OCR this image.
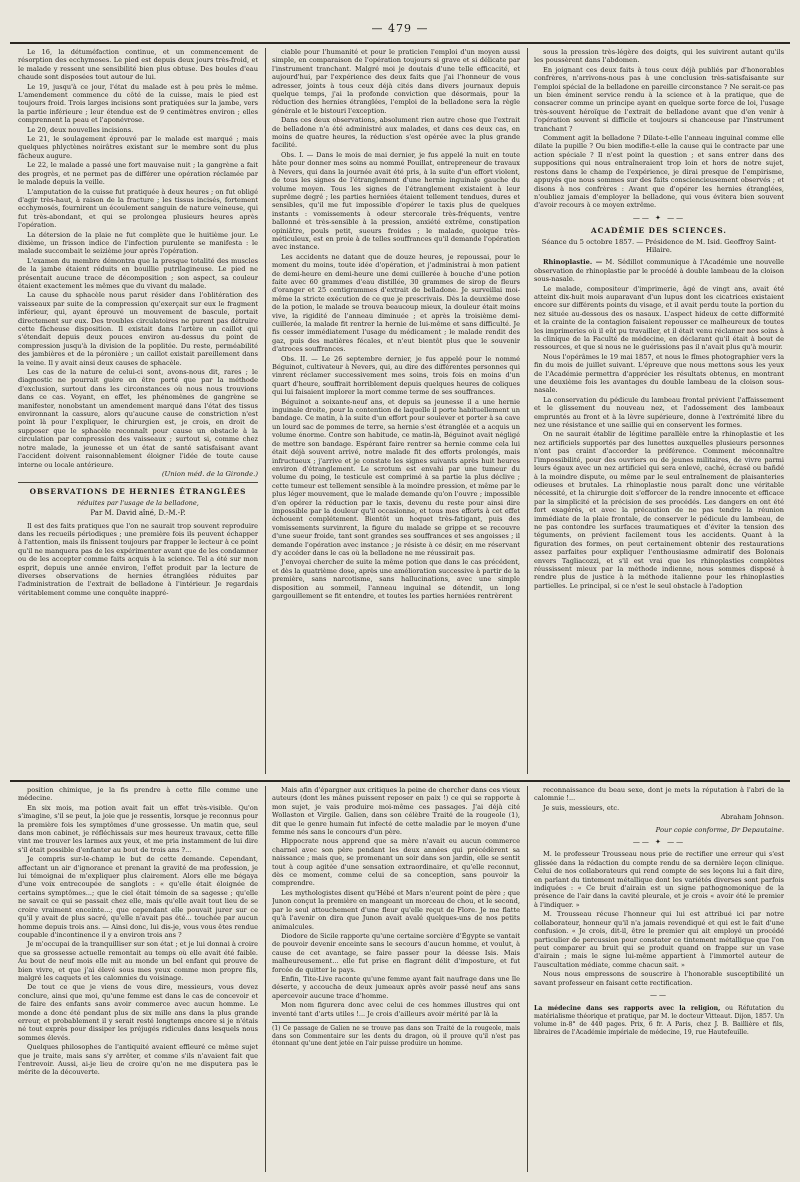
— 479 —

Le 16, la détuméfaction continue, et un commencement de résorption des ecchymoses. Le pied est depuis deux jours très-froid, et le malade y ressent une sensibilité bien plus obtuse. Des boules d'eau chaude sont disposées tout autour de lui.

Le 19, jusqu'à ce jour, l'état du malade est à peu près le même. L'amendement commence du côté de la cuisse, mais le pied est toujours froid. Trois larges incisions sont pratiquées sur la jambe, vers la partie inférieure ; leur étendue est de 9 centimètres environ ; elles comprennent la peau et l'aponévrose.

Le 20, deux nouvelles incisions.

Le 21, le soulagement éprouvé par le malade est marqué ; mais quelques phlyctènes noirâtres existant sur le membre sont du plus fâcheux augure.

Le 22, le malade a passé une fort mauvaise nuit ; la gangrène a fait des progrès, et ne permet pas de différer une opération réclamée par le malade depuis la veille.

L'amputation de la cuisse fut pratiquée à deux heures ; on fut obligé d'agir très-haut, à raison de la fracture ; les tissus incisés, fortement ecchymosés, fournirent un écoulement sanguin de nature veineuse, qui fut très-abondant, et qui se prolongea plusieurs heures après l'opération.

La détersion de la plaie ne fut complète que le huitième jour. Le dixième, un frisson indice de l'infection purulente se manifesta : le malade succombait le seizième jour après l'opération.

L'examen du membre démontra que la presque totalité des muscles de la jambe étaient réduits en bouillie putrilagineuse. Le pied ne présentait aucune trace de décomposition ; son aspect, sa couleur étaient exactement les mêmes que du vivant du malade.

La cause du sphacèle nous parut résider dans l'oblitération des vaisseaux par suite de la compression qu'exerçait sur eux le fragment inférieur, qui, ayant éprouvé un mouvement de bascule, portait directement sur eux. Des troubles circulatoires ne purent pas détruire cette fâcheuse disposition. Il existait dans l'artère un caillot qui s'étendait depuis deux pouces environ au-dessus du point de compression jusqu'à la division de la poplitée. Du reste, perméabilité des jambières et de la péronière ; un caillot existait pareillement dans la veine. Il y avait ainsi deux causes de sphacèle.

Les cas de la nature de celui-ci sont, avons-nous dit, rares ; le diagnostic ne pourrait guère en être porté que par la méthode d'exclusion, surtout dans les circonstances où nous nous trouvions dans ce cas. Voyant, en effet, les phénomènes de gangrène se manifester, nonobstant un amendement marqué dans l'état des tissus environnant la cassure, alors qu'aucune cause de constriction n'est point là pour l'expliquer, le chirurgien est, je crois, en droit de supposer que le sphacèle reconnaît pour cause un obstacle à la circulation par compression des vaisseaux ; surtout si, comme chez notre malade, la jeunesse et un état de santé satisfaisant avant l'accident doivent raisonnablement éloigner l'idée de toute cause interne ou locale antérieure.

(Union méd. de la Gironde.)
OBSERVATIONS DE HERNIES ÉTRANGLÉES
réduites par l'usage de la belladone,
Par M. David aîné, D.-M.-P.

Il est des faits pratiques que l'on ne saurait trop souvent reproduire dans les recueils périodiques ; une première fois ils peuvent échapper à l'attention, mais ils finissent toujours par frapper le lecteur à ce point qu'il ne manquera pas de les expérimenter avant que de les condamner ou de les accepter comme faits acquis à la science. Tel a été sur mon esprit, depuis une année environ, l'effet produit par la lecture de diverses observations de hernies étranglées réduites par l'administration de l'extrait de belladone à l'intérieur. Je regardais véritablement comme une conquête inappré-

ciable pour l'humanité et pour le praticien l'emploi d'un moyen aussi simple, en comparaison de l'opération toujours si grave et si délicate par l'instrument tranchant. Malgré moi je doutais d'une telle efficacité, et aujourd'hui, par l'expérience des deux faits que j'ai l'honneur de vous adresser, joints à tous ceux déjà cités dans divers journaux depuis quelque temps, j'ai la profonde conviction que désormais, pour la réduction des hernies étranglées, l'emploi de la belladone sera la règle générale et le bistouri l'exception.

Dans ces deux observations, absolument rien autre chose que l'extrait de belladone n'a été administré aux malades, et dans ces deux cas, en moins de quatre heures, la réduction s'est opérée avec la plus grande facilité.

Obs. I. — Dans le mois de mai dernier, je fus appelé la nuit en toute hâte pour donner mes soins au nommé Pouillat, entrepreneur de travaux à Nevers, qui dans la journée avait été pris, à la suite d'un effort violent, de tous les signes de l'étranglement d'une hernie inguinale gauche du volume moyen. Tous les signes de l'étranglement existaient à leur suprême degré ; les parties herniées étaient tellement tendues, dures et sensibles, qu'il me fut impossible d'opérer le taxis plus de quelques instants : vomissements à odeur stercorale très-fréquents, ventre ballonné et très-sensible à la pression, anxiété extrême, constipation opiniâtre, pouls petit, sueurs froides ; le malade, quoique très-méticuleux, est en proie à de telles souffrances qu'il demande l'opération avec instance.

Les accidents ne datant que de douze heures, je repoussai, pour le moment du moins, toute idée d'opération, et j'administrai à mon patient de demi-heure en demi-heure une demi cuillerée à bouche d'une potion faite avec 60 grammes d'eau distillée, 30 grammes de sirop de fleurs d'oranger et 25 centigrammes d'extrait de belladone. Je surveillai moi-même la stricte exécution de ce que je prescrivais. Dès la deuxième dose de la potion, le malade se trouva beaucoup mieux, la douleur était moins vive, la rigidité de l'anneau diminuée ; et après la troisième demi-cuillerée, la malade fit rentrer la hernie de lui-même et sans difficulté. Je fis cesser immédiatement l'usage du médicament ; le malade rendit des gaz, puis des matières fécales, et n'eut bientôt plus que le souvenir d'atroces souffrances.

Obs. II. — Le 26 septembre dernier, je fus appelé pour le nommé Béguinot, cultivateur à Nevers, qui, au dire des différentes personnes qui vinrent réclamer successivement mes soins, trois fois en moins d'un quart d'heure, souffrait horriblement depuis quelques heures de coliques qui lui faisaient implorer la mort comme terme de ses souffrances.

Béguinot a soixante-neuf ans, et depuis sa jeunesse il a une hernie inguinale droite, pour la contention de laquelle il porte habituellement un bandage. Ce matin, à la suite d'un effort pour soulever et porter à sa cave un lourd sac de pommes de terre, sa hernie s'est étranglée et a acquis un volume énorme. Contre son habitude, ce matin-là, Béguinot avait négligé de mettre son bandage. Espérant faire rentrer sa hernie comme cela lui était déjà souvent arrivé, notre malade fit des efforts prolongés, mais infructueux ; j'arrive et je constate les signes suivants après huit heures environ d'étranglement. Le scrotum est envahi par une tumeur du volume du poing, le testicule est comprimé à sa partie la plus déclive ; cette tumeur est tellement sensible à la moindre pression, et même par le plus léger mouvement, que le malade demande qu'on l'ouvre ; impossible d'en opérer la réduction par le taxis, devenu du reste pour ainsi dire impossible par la douleur qu'il occasionne, et tous mes efforts à cet effet échouent complétement. Bientôt un hoquet très-fatigant, puis des vomissements survinrent, la figure du malade se grippe et se recouvre d'une sueur froide, tant sont grandes ses souffrances et ses angoisses ; il demande l'opération avec instance ; je résiste à ce désir, en me réservant d'y accéder dans le cas où la belladone ne me réussirait pas.

J'envoyai chercher de suite la même potion que dans le cas précédent, et dès la quatrième dose, après une amélioration successive à partir de la première, sans narcotisme, sans hallucinations, avec une simple disposition au sommeil, l'anneau inguinal se détendit, un long gargouillement se fit entendre, et toutes les parties herniées rentrèrent

sous la pression très-légère des doigts, qui les suivirent autant qu'ils les poussèrent dans l'abdomen.

En joignant ces deux faits à tous ceux déjà publiés par d'honorables confrères, n'arrivons-nous pas à une conclusion très-satisfaisante sur l'emploi spécial de la belladone en pareille circonstance ? Ne serait-ce pas un bien éminent service rendu à la science et à la pratique, que de consacrer comme un principe ayant en quelque sorte force de loi, l'usage très-souvent héroïque de l'extrait de belladone avant que d'en venir à l'opération souvent si difficile et toujours si chanceuse par l'instrument tranchant ?

Comment agit la belladone ? Dilate-t-elle l'anneau inguinal comme elle dilate la pupille ? Ou bien modifie-t-elle la cause qui le contracte par une action spéciale ? Il n'est point la question ; et sans entrer dans des suppositions qui nous entraîneraient trop loin et hors de notre sujet, restons dans le champ de l'expérience, je dirai presque de l'empirisme, appuyés que nous sommes sur des faits consciencieusement observés ; et disons à nos confrères : Avant que d'opérer les hernies étranglées, n'oubliez jamais d'employer la belladone, qui vous évitera bien souvent d'avoir recours à ce moyen extrême.

—— ✦ ——
ACADÉMIE DES SCIENCES.
Séance du 5 octobre 1857. — Présidence de M. Isid. Geoffroy Saint-Hilaire.

Rhinoplastie. — M. Sédillot communique à l'Académie une nouvelle observation de rhinoplastie par le procédé à double lambeau de la cloison sous-nasale.

Le malade, compositeur d'imprimerie, âgé de vingt ans, avait été atteint dix-huit mois auparavant d'un lupus dont les cicatrices existaient encore sur différents points du visage, et il avait perdu toute la portion du nez située au-dessous des os nasaux. L'aspect hideux de cette difformité et la crainte de la contagion faisaient repousser ce malheureux de toutes les imprimeries où il eût pu travailler, et il était venu réclamer nos soins à la clinique de la Faculté de médecine, en déclarant qu'il était à bout de ressources, et que si nous ne le guérissions pas il n'avait plus qu'à mourir.

Nous l'opérâmes le 19 mai 1857, et nous le fîmes photographier vers la fin du mois de juillet suivant. L'épreuve que nous mettons sous les yeux de l'Académie permettra d'apprécier les résultats obtenus, en montrant une deuxième fois les avantages du double lambeau de la cloison sous-nasale.

La conservation du pédicule du lambeau frontal prévient l'affaissement et le glissement du nouveau nez, et l'adossement des lambeaux empruntés au front et à la lèvre supérieure, donne à l'extrémité libre du nez une résistance et une saillie qui en conservent les formes.

On ne saurait établir de légitime parallèle entre la rhinoplastie et les nez artificiels supportés par des lunettes auxquelles plusieurs personnes n'ont pas craint d'accorder la préférence. Comment méconnaître l'impossibilité, pour des ouvriers ou de jeunes militaires, de vivre parmi leurs égaux avec un nez artificiel qui sera enlevé, caché, écrasé ou bañdé à la moindre dispute, ou même par le seul entraînement de plaisanteries odieuses et brutales. La rhinoplastie nous paraît donc une véritable nécessité, et la chirurgie doit s'efforcer de la rendre innocente et efficace par la simplicité et la précision de ses procédés. Les dangers en ont été fort exagérés, et avec la précaution de ne pas tendre la réunion immédiate de la plaie frontale, de conserver le pédicule du lambeau, de ne pas contondre les surfaces traumatiques et d'éviter la tension des téguments, on prévient facilement tous les accidents. Quant à la figuration des formes, on peut certainement obtenir des restaurations assez parfaites pour expliquer l'enthousiasme admiratif des Bolonais envers Tagliacozzi, et s'il est vrai que les rhinoplasties complètes réussissent mieux par la méthode indienne, nous sommes disposé à rendre plus de justice à la méthode italienne pour les rhinoplasties partielles. Le principal, si ce n'est le seul obstacle à l'adoption

position chimique, je la fis prendre à cette fille comme une médecine.

En six mois, ma potion avait fait un effet très-visible. Qu'on s'imagine, s'il se peut, la joie que je ressentis, lorsque je reconnus pour la première fois les symptômes d'une grossesse. Un matin que, seul dans mon cabinet, je réfléchissais sur mes heureux travaux, cette fille vint me trouver les larmes aux yeux, et me pria instamment de lui dire s'il était possible d'enfanter au bout de trois ans ?...

Je compris sur-le-champ le but de cette demande. Cependant, affectant un air d'ignorance et prenant la gravité de ma profession, je lui témoignai de m'expliquer plus clairement. Alors elle me bégaya d'une voix entrecoupée de sanglots : « qu'elle était éloignée de certains symptômes...; que le ciel était témoin de sa sagesse ; qu'elle ne savait ce qui se passait chez elle, mais qu'elle avait tout lieu de se croire vraiment enceinte...; que cependant elle pouvait jurer sur ce qu'il y avait de plus sacré, qu'elle n'avait pas été... touchée par aucun homme depuis trois ans. — Ainsi donc, lui dis-je, vous vous êtes rendue coupable d'incontinence il y a environ trois ans ?

Je m'occupai de la tranquilliser sur son état ; et je lui donnai à croire que sa grossesse actuelle remontait au temps où elle avait été faible. Au bout de neuf mois elle mit au monde un bel enfant qui prouve de bien vivre, et que j'ai élevé sous mes yeux comme mon propre fils, malgré les caquets et les calomnies du voisinage.

De tout ce que je viens de vous dire, messieurs, vous devez conclure, ainsi que moi, qu'une femme est dans le cas de concevoir et de faire des enfants sans avoir commerce avec aucun homme. Le monde a donc été pendant plus de six mille ans dans la plus grande erreur, et probablement il y serait resté longtemps encore si je n'étais né tout exprès pour dissiper les préjugés ridicules dans lesquels nous sommes élevés.

Quelques philosophes de l'antiquité avaient effleuré ce même sujet que je traite, mais sans s'y arrêter, et comme s'ils n'avaient fait que l'entrevoir. Aussi, ai-je lieu de croire qu'on ne me disputera pas le mérite de la découverte.

Mais afin d'épargner aux critiques la peine de chercher dans ces vieux auteurs (dont les mânes puissent reposer en paix !) ce qui se rapporte à mon sujet, je vais produire moi-même ces passages. J'ai déjà cité Wollaston et Virgile. Galien, dans son célèbre Traité de la rougeole (1), dit que le genre humain fut infecté de cette maladie par le moyen d'une femme nés sans le concours d'un père.

Hippocrate nous apprend que sa mère n'avait eu aucun commerce charnel avec son père pendant les deux années qui précédèrent sa naissance ; mais que, se promenant un soir dans son jardin, elle se sentit tout à coup agitée d'une sensation extraordinaire, et qu'elle reconnut, dès ce moment, comme celui de sa conception, sans pouvoir la comprendre.

Les mythologistes disent qu'Hébé et Mars n'eurent point de père ; que Junon conçut la première en mangeant un morceau de chou, et le second, par le seul attouchement d'une fleur qu'elle reçut de Flore. Je me flatte qu'à l'avenir on dira que Junon avait avalé quelques-uns de nos petits animalcules.

Diodore de Sicile rapporte qu'une certaine sorcière d'Égypte se vantait de pouvoir devenir enceinte sans le secours d'aucun homme, et voulut, à cause de cet avantage, se faire passer pour la déesse Isis. Mais malheureusement... elle fut prise en flagrant délit d'imposture, et fut forcée de quitter le pays.

Enfin, Tite-Live raconte qu'une femme ayant fait naufrage dans une île déserte, y accoucha de deux jumeaux après avoir passé neuf ans sans apercevoir aucune trace d'homme.

Mon nom figurera donc avec celui de ces hommes illustres qui ont inventé tant d'arts utiles !... Je crois d'ailleurs avoir mérité par là la

(1) Ce passage de Galien ne se trouve pas dans son Traité de la rougeole, mais dans son Commentaire sur les dents du dragon, où il prouve qu'il n'est pas étonnant qu'une dent jetée en l'air puisse produire un homme.

reconnaissance du beau sexe, dont je mets la réputation à l'abri de la calomnie !...

Je suis, messieurs, etc.

Abraham Johnson.
Pour copie conforme, Dr Depautaine.
—— ✦ ——

M. le professeur Trousseau nous prie de rectifier une erreur qui s'est glissée dans la rédaction du compte rendu de sa dernière leçon clinique. Celui de nos collaborateurs qui rend compte de ses leçons lui a fait dire, en parlant du tintement métallique dont les variétés diverses sont parfois indiquées : « Ce bruit d'airain est un signe pathognomonique de la présence de l'air dans la cavité pleurale, et je crois « avoir été le premier à l'indiquer. »

M. Trousseau récuse l'honneur qui lui est attribué ici par notre collaborateur, honneur qu'il n'a jamais revendiqué et qui est le fait d'une confusion. « Je crois, dit-il, être le premier qui ait employé un procédé particulier de percussion pour constater ce tintement métallique que l'on peut comparer au bruit qui se produit quand on frappe sur un vase d'airain ; mais le signe lui-même appartient à l'immortel auteur de l'auscultation médiate, comme chacun sait. »

Nous nous empressons de souscrire à l'honorable susceptibilité un savant professeur en faisant cette rectification.

——
La médecine dans ses rapports avec la religion, ou Réfutation du matérialisme théorique et pratique, par M. le docteur Vitteaut. Dijon, 1857. Un volume in-8° de 440 pages. Prix, 6 fr. A Paris, chez J. B. Baillière et fils, libraires de l'Académie impériale de médecine, 19, rue Hautefeuille.
